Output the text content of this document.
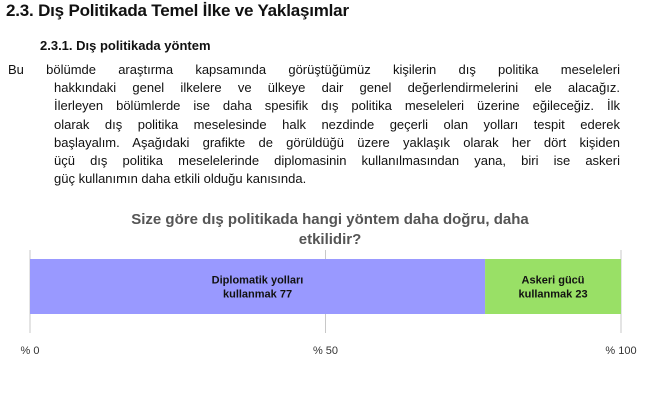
2.3. Dış Politikada Temel İlke ve Yaklaşımlar
2.3.1. Dış politikada yöntem

Bu bölümde araştırma kapsamında görüştüğümüz kişilerin dış politika meseleleri
hakkındaki genel ilkelere ve ülkeye dair genel değerlendirmelerini ele alacağız.
İlerleyen bölümlerde ise daha spesifik dış politika meseleleri üzerine eğileceğiz. İlk
olarak dış politika meselesinde halk nezdinde geçerli olan yolları tespit ederek
başlayalım. Aşağıdaki grafikte de görüldüğü üzere yaklaşık olarak her dört kişiden
üçü dış politika meselelerinde diplomasinin kullanılmasından yana, biri ise askeri
güç kullanımın daha etkili olduğu kanısında.

Size göre dış politikada hangi yöntem daha doğru, daha
etkilidir?
Diplomatik yolları
kullanmak 77
Askeri gücü
kullanmak 23
% 0	% 50	% 100
